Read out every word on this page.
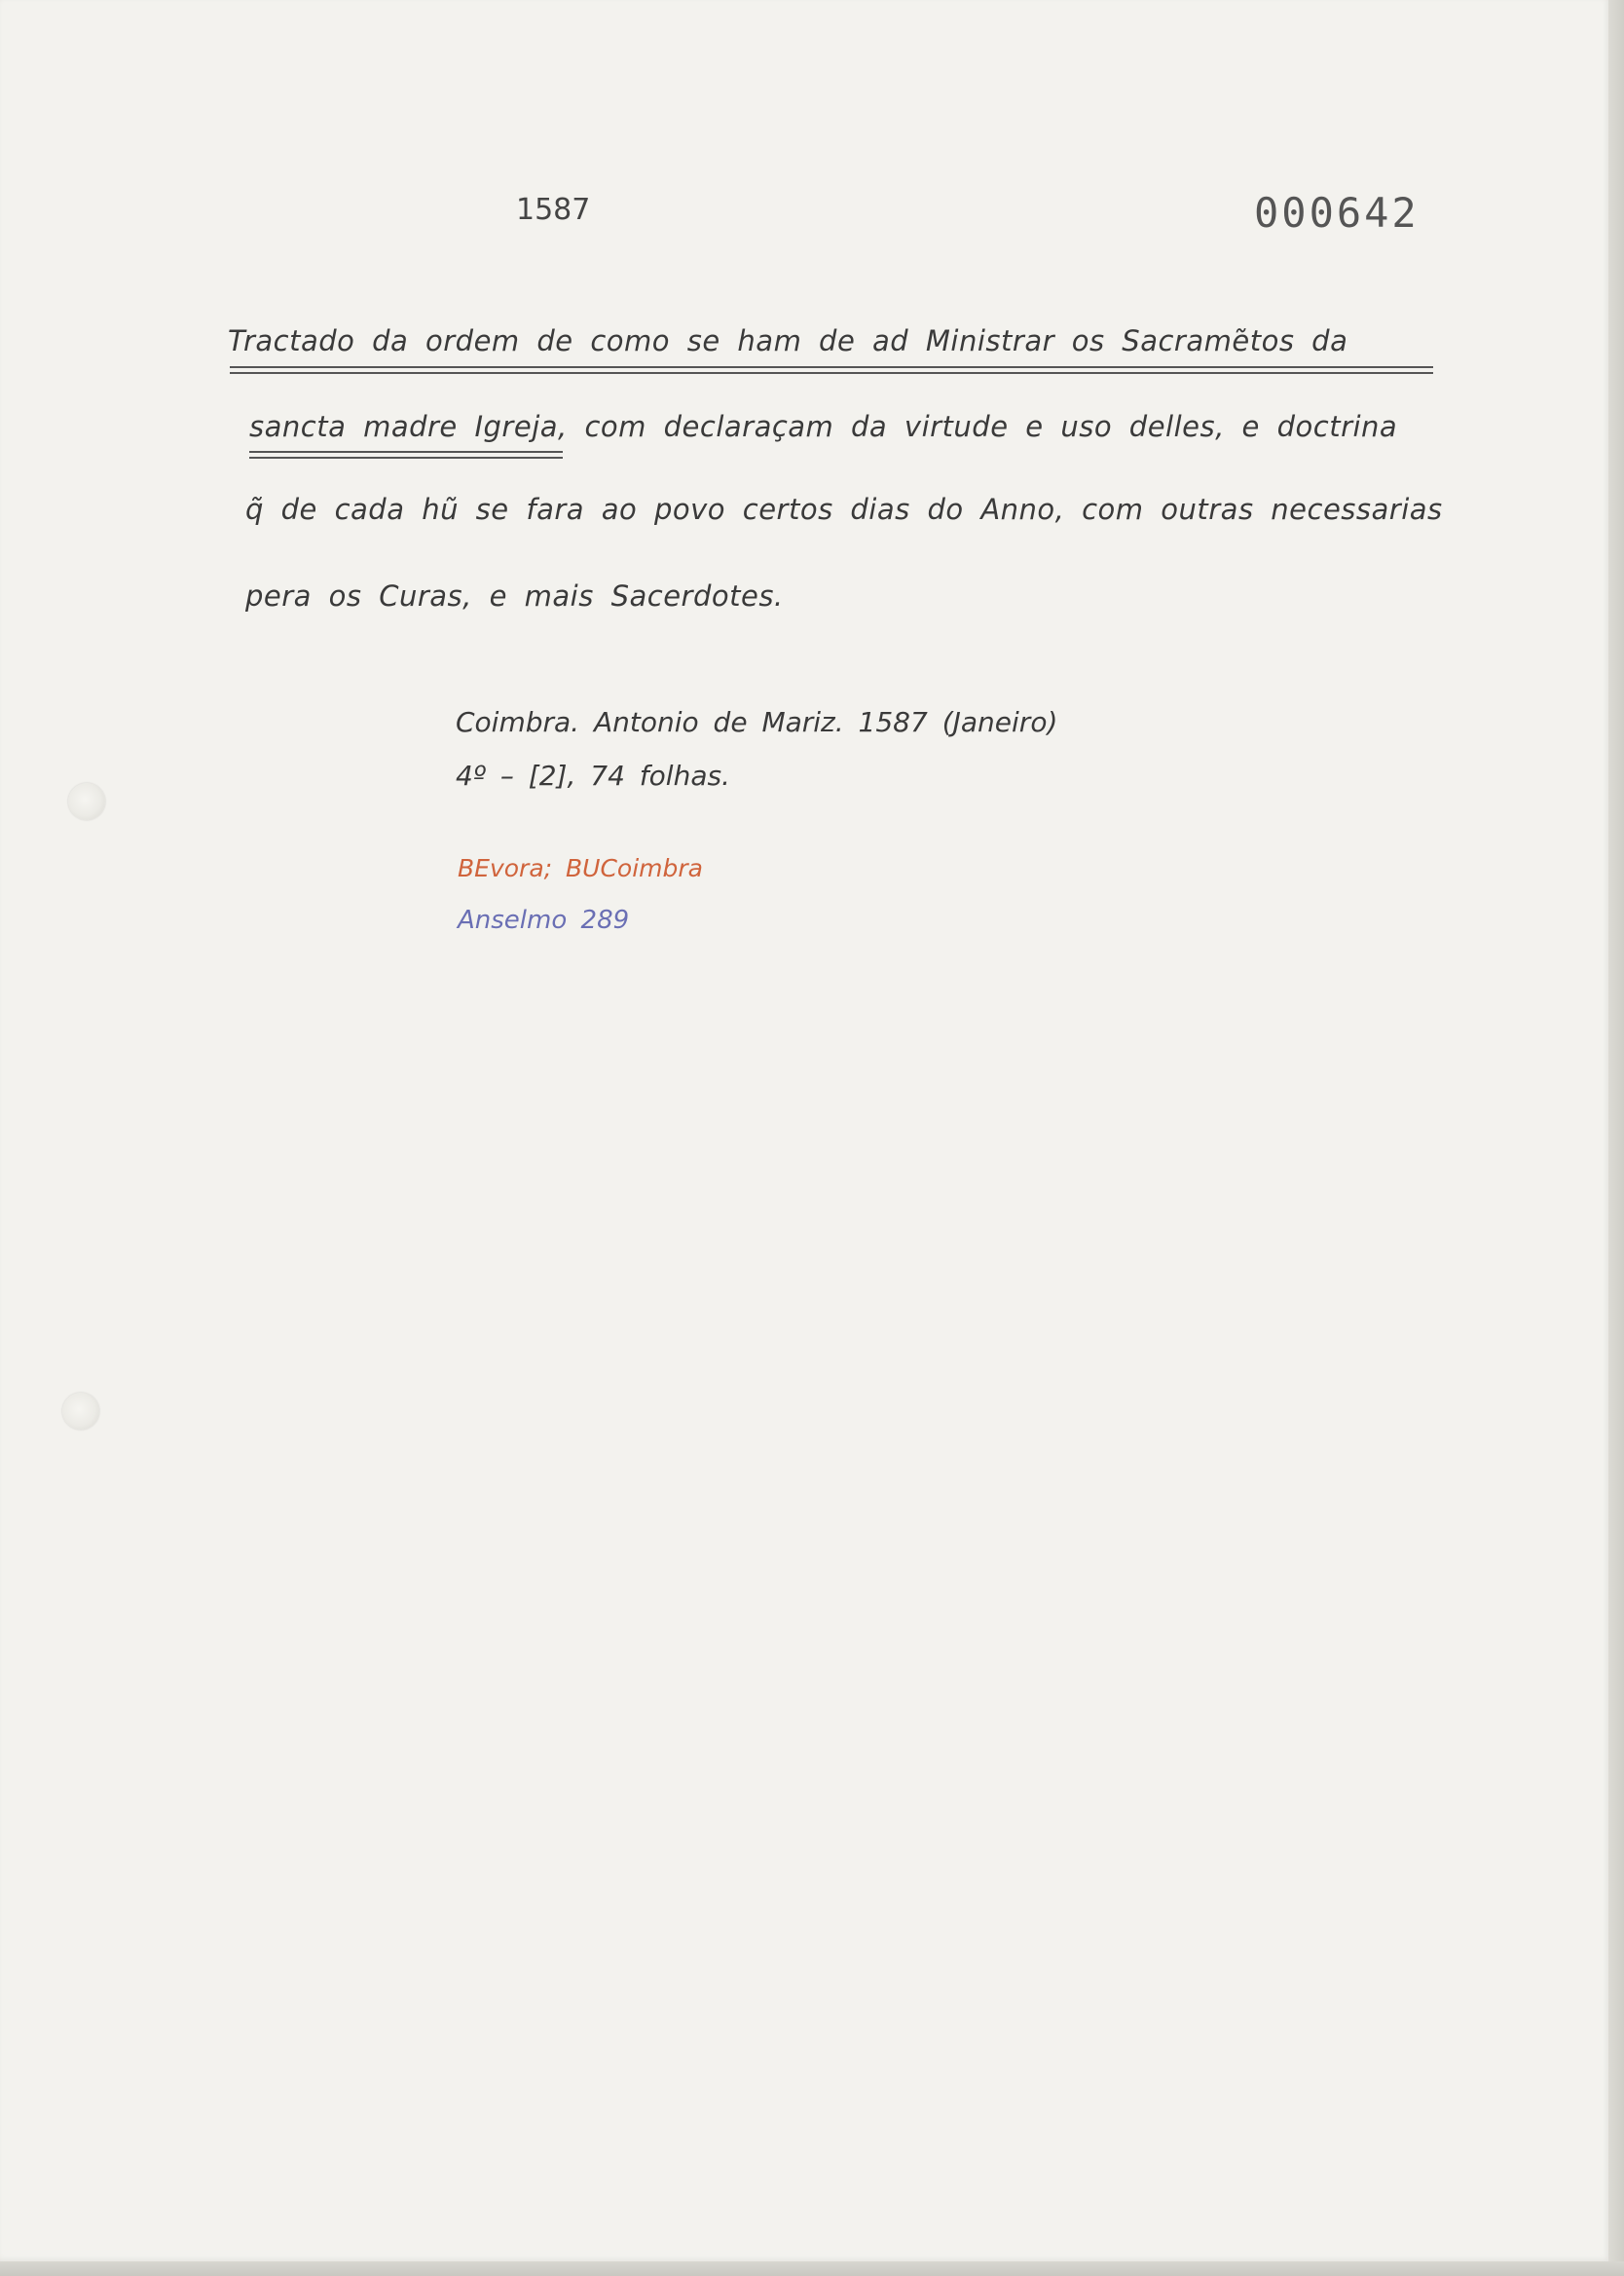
1587	000642
Tractado da ordem de como se ham de ad Ministrar os Sacramẽtos da
sancta madre Igreja, com declaraçam da virtude e uso delles, e doctrina
q̃ de cada hũ se fara ao povo certos dias do Anno, com outras necessarias
pera os Curas, e mais Sacerdotes.
Coimbra. Antonio de Mariz. 1587 (Janeiro)
4º – [2], 74 folhas.
BEvora; BUCoimbra
Anselmo 289
